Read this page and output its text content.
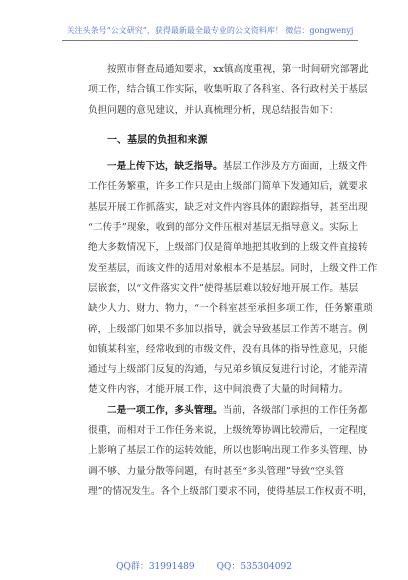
关注头条号“公文研究”，获得最新最全最专业的公文资料库！ 微信：gongwenyj
按照市督查局通知要求，xx镇高度重视，第一时间研究部署此
项工作，结合镇工作实际，收集听取了各科室、各行政村关于基层
负担问题的意见建议，并认真梳理分析，现总结报告如下：
一、基层的负担和来源
一是上传下达，缺乏指导。基层工作涉及方方面面，上级文件
工作任务繁重，许多工作只是由上级部门简单下发通知后，就要求
基层开展工作抓落实，缺乏对文件内容具体的跟踪指导，甚至出现
“二传手”现象，收到的部分文件压根对基层无指导意义。实际上
绝大多数情况下，上级部门仅是简单地把其收到的上级文件直接转
发至基层，而该文件的适用对象根本不是基层。同时，上级文件工作
层嵌套，以“文件落实文件”使得基层难以较好地开展工作。基层
缺少人力、财力、物力，“一个科室甚至承担多项工作，任务繁重琐
碎，上级部门如果不多加以指导，就会导致基层工作苦不堪言。例
如镇某科室，经常收到的市级文件，没有具体的指导性意见，只能
通过与上级部门反复的沟通，与兄弟乡镇反复进行讨论，才能弄清
楚文件内容，才能开展工作，这中间浪费了大量的时间精力。
二是一项工作，多头管理。当前，各级部门承担的工作任务都
很重，而相对于工作任务来说，上级统筹协调比较滞后，一定程度
上影响了基层工作的运转效能，所以也影响出现工作多头管理、协
调不够、力量分散等问题，有时甚至“多头管理”导致“空头管
理”的情况发生。各个上级部门要求不同，使得基层工作权责不明，
QQ群：31991489 QQ：535304092
